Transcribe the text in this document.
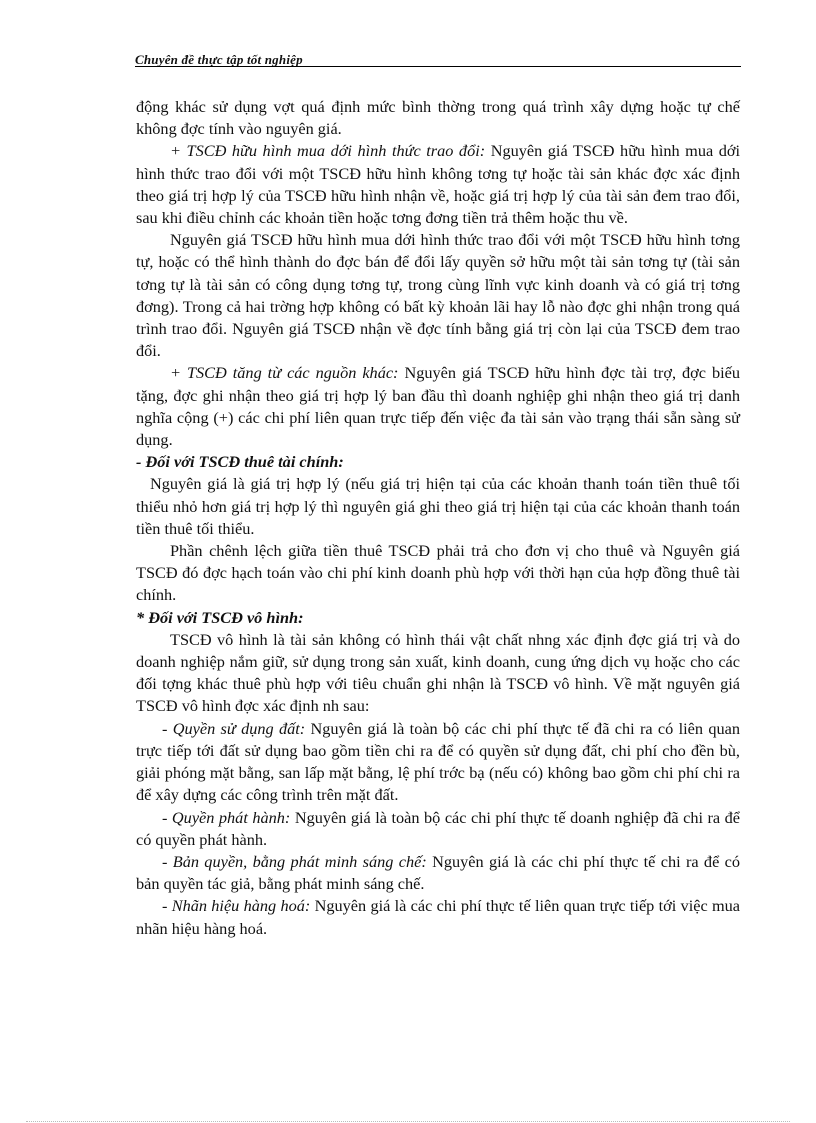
Chuyên đề thực tập tốt nghiệp

động khác sử dụng vợt quá định mức bình thờng trong quá trình xây dựng hoặc tự chế không đợc tính vào nguyên giá.

+ TSCĐ hữu hình mua dới hình thức trao đổi: Nguyên giá TSCĐ hữu hình mua dới hình thức trao đổi với một TSCĐ hữu hình không tơng tự hoặc tài sản khác đợc xác định theo giá trị hợp lý của TSCĐ hữu hình nhận về, hoặc giá trị hợp lý của tài sản đem trao đổi, sau khi điều chỉnh các khoản tiền hoặc tơng đơng tiền trả thêm hoặc thu về.

Nguyên giá TSCĐ hữu hình mua dới hình thức trao đổi với một TSCĐ hữu hình tơng tự, hoặc có thể hình thành do đợc bán để đổi lấy quyền sở hữu một tài sản tơng tự (tài sản tơng tự là tài sản có công dụng tơng tự, trong cùng lĩnh vực kinh doanh và có giá trị tơng đơng). Trong cả hai trờng hợp không có bất kỳ khoản lãi hay lỗ nào đợc ghi nhận trong quá trình trao đổi. Nguyên giá TSCĐ nhận về đợc tính bằng giá trị còn lại của TSCĐ đem trao đổi.

+ TSCĐ tăng từ các nguồn khác: Nguyên giá TSCĐ hữu hình đợc tài trợ, đợc biếu tặng, đợc ghi nhận theo giá trị hợp lý ban đầu thì doanh nghiệp ghi nhận theo giá trị danh nghĩa cộng (+) các chi phí liên quan trực tiếp đến việc đa tài sản vào trạng thái sẵn sàng sử dụng.

- Đối với TSCĐ thuê tài chính:

Nguyên giá là giá trị hợp lý (nếu giá trị hiện tại của các khoản thanh toán tiền thuê tối thiểu nhỏ hơn giá trị hợp lý thì nguyên giá ghi theo giá trị hiện tại của các khoản thanh toán tiền thuê tối thiểu.

Phần chênh lệch giữa tiền thuê TSCĐ phải trả cho đơn vị cho thuê và Nguyên giá TSCĐ đó đợc hạch toán vào chi phí kinh doanh phù hợp với thời hạn của hợp đồng thuê tài chính.

* Đối với TSCĐ vô hình:

TSCĐ vô hình là tài sản không có hình thái vật chất nhng xác định đợc giá trị và do doanh nghiệp nắm giữ, sử dụng trong sản xuất, kinh doanh, cung ứng dịch vụ hoặc cho các đối tợng khác thuê phù hợp với tiêu chuẩn ghi nhận là TSCĐ vô hình. Về mặt nguyên giá TSCĐ vô hình đợc xác định nh sau:

- Quyền sử dụng đất: Nguyên giá là toàn bộ các chi phí thực tế đã chi ra có liên quan trực tiếp tới đất sử dụng bao gồm tiền chi ra để có quyền sử dụng đất, chi phí cho đền bù, giải phóng mặt bằng, san lấp mặt bằng, lệ phí trớc bạ (nếu có) không bao gồm chi phí chi ra để xây dựng các công trình trên mặt đất.

- Quyền phát hành: Nguyên giá là toàn bộ các chi phí thực tế doanh nghiệp đã chi ra để có quyền phát hành.

- Bản quyền, bằng phát minh sáng chế: Nguyên giá là các chi phí thực tế chi ra để có bản quyền tác giả, bằng phát minh sáng chế.

- Nhãn hiệu hàng hoá: Nguyên giá là các chi phí thực tế liên quan trực tiếp tới việc mua nhãn hiệu hàng hoá.
